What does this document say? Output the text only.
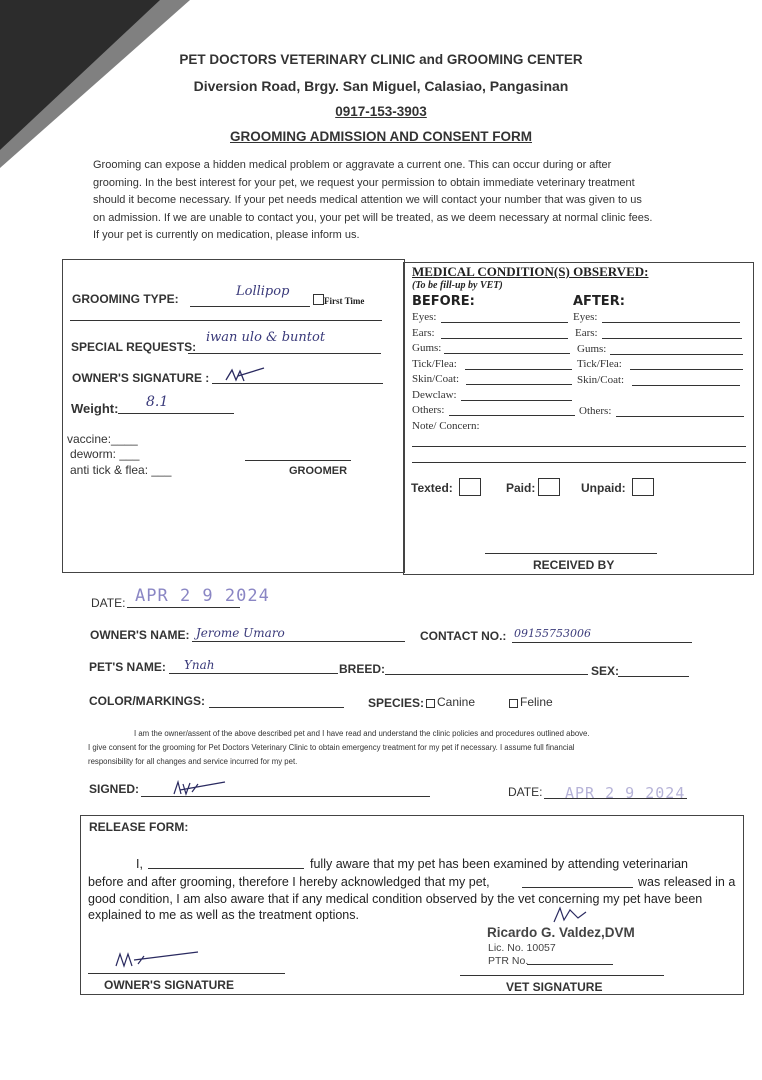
PET DOCTORS VETERINARY CLINIC and GROOMING CENTER
Diversion Road, Brgy. San Miguel, Calasiao, Pangasinan
0917-153-3903
GROOMING ADMISSION AND CONSENT FORM
Grooming can expose a hidden medical problem or aggravate a current one. This can occur during or after
grooming. In the best interest for your pet, we request your permission to obtain immediate veterinary treatment
should it become necessary. If your pet needs medical attention we will contact your number that was given to us
on admission. If we are unable to contact you, your pet will be treated, as we deem necessary at normal clinic fees.
If your pet is currently on medication, please inform us.
GROOMING TYPE:	Lollipop
First Time
SPECIAL REQUESTS:
iwan ulo & buntot
OWNER'S SIGNATURE :
Weight: 8.1
vaccine:____
deworm: ___
anti tick & flea: ___	GROOMER
MEDICAL CONDITION(S) OBSERVED:
(To be fill-up by VET)
BEFORE:	AFTER:
Eyes:	Eyes:
Ears:	Ears:
Gums:	Gums:
Tick/Flea:	Tick/Flea:
Skin/Coat:	Skin/Coat:
Dewclaw:
Others:	Others:
Note/ Concern:
Texted:	Paid:	Unpaid:
RECEIVED BY
DATE: APR 2 9 2024
OWNER'S NAME: Jerome Umaro	CONTACT NO.: 09155753006
PET'S NAME: Ynah	BREED:	SEX:
COLOR/MARKINGS:	SPECIES: Canine	Feline
I am the owner/assent of the above described pet and I have read and understand the clinic policies and procedures outlined above.
I give consent for the grooming for Pet Doctors Veterinary Clinic to obtain emergency treatment for my pet if necessary. I assume full financial
responsibility for all changes and service incurred for my pet.
SIGNED:	DATE: APR 2 9 2024
RELEASE FORM:
I,	fully aware that my pet has been examined by attending veterinarian
before and after grooming, therefore I hereby acknowledged that my pet,	was released in a
good condition, I am also aware that if any medical condition observed by the vet concerning my pet have been
explained to me as well as the treatment options.
Ricardo G. Valdez,DVM
Lic. No. 10057
PTR No.
OWNER'S SIGNATURE	VET SIGNATURE
